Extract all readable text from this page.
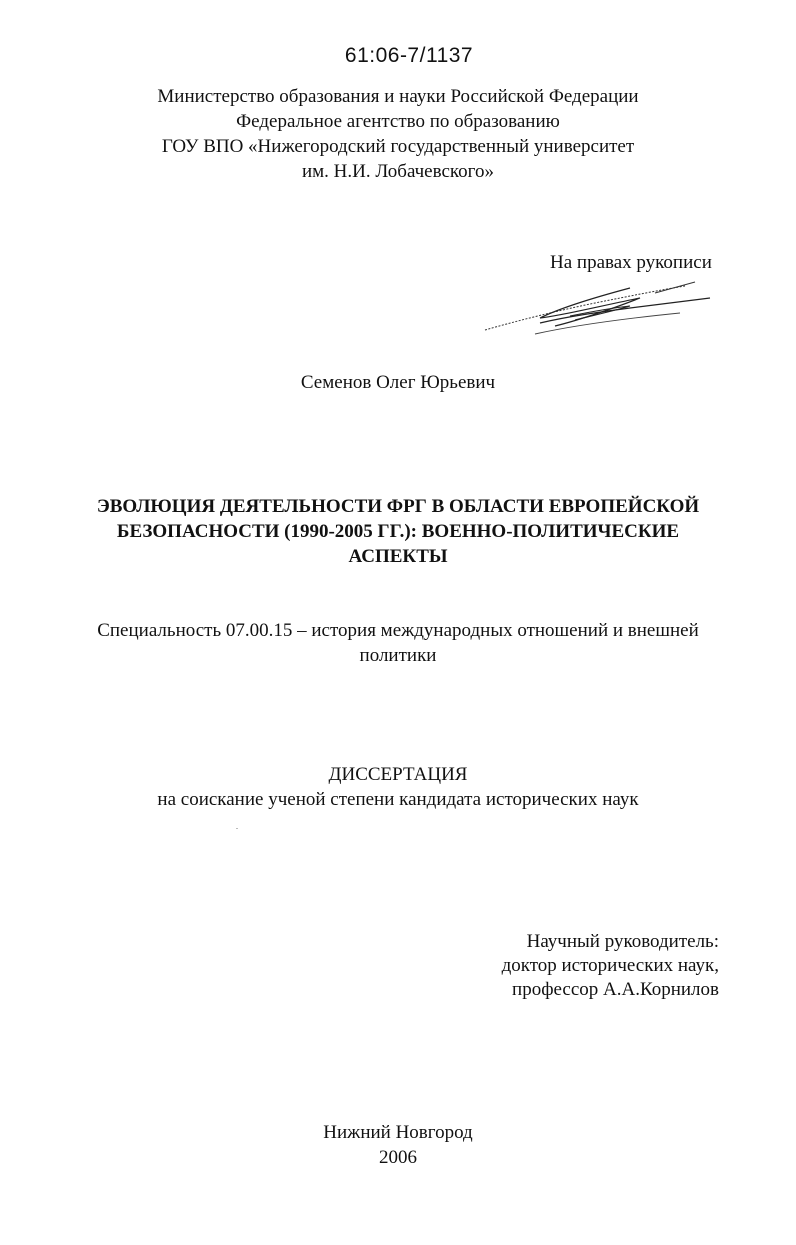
61:06-7/1137
Министерство образования и науки Российской Федерации
Федеральное агентство по образованию
ГОУ ВПО «Нижегородский государственный университет
им. Н.И. Лобачевского»
На правах рукописи
Семенов Олег Юрьевич
ЭВОЛЮЦИЯ ДЕЯТЕЛЬНОСТИ ФРГ В ОБЛАСТИ ЕВРОПЕЙСКОЙ
БЕЗОПАСНОСТИ (1990-2005 ГГ.): ВОЕННО-ПОЛИТИЧЕСКИЕ
АСПЕКТЫ
Специальность 07.00.15 – история международных отношений и внешней
политики
ДИССЕРТАЦИЯ
на соискание ученой степени кандидата исторических наук
Научный руководитель:
доктор исторических наук,
профессор А.А.Корнилов
Нижний Новгород
2006
